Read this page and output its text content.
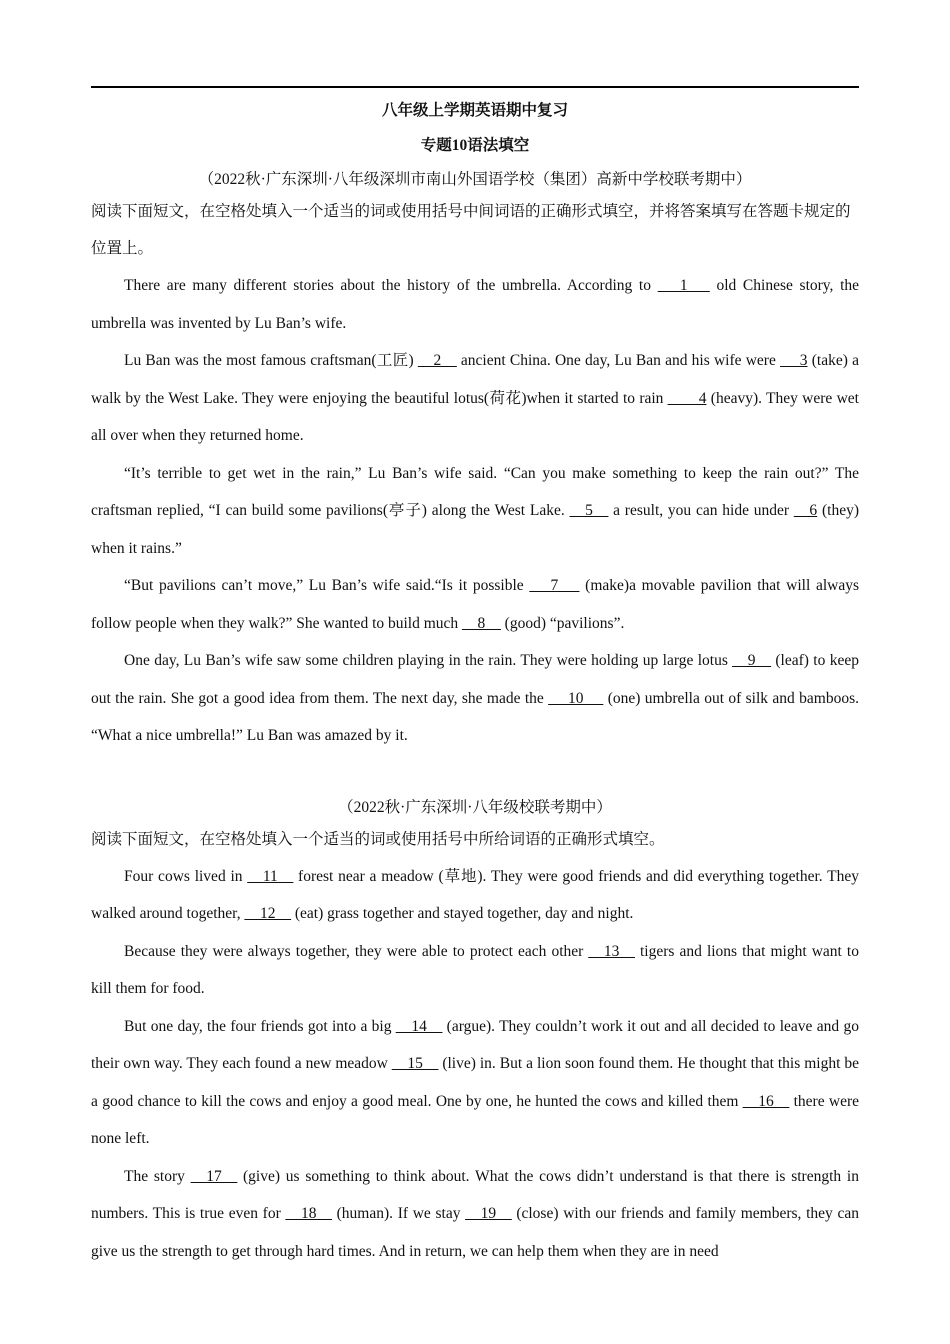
八年级上学期英语期中复习

专题10语法填空

（2022秋·广东深圳·八年级深圳市南山外国语学校（集团）高新中学校联考期中）

阅读下面短文，在空格处填入一个适当的词或使用括号中间词语的正确形式填空，并将答案填写在答题卡规定的位置上。

There are many different stories about the history of the umbrella. According to  __1__  old Chinese story, the umbrella was invented by Lu Ban’s wife.

Lu Ban was the most famous craftsman(工匠) __2__ ancient China. One day, Lu Ban and his wife were  __3 (take) a walk by the West Lake. They were enjoying the beautiful lotus(荷花)when it started to rain ____4 (heavy). They were wet all over when they returned home.

“It’s terrible to get wet in the rain,” Lu Ban’s wife said. “Can you make something to keep the rain out?” The craftsman replied, “I can build some pavilions(亭子) along the West Lake. __5__ a result, you can hide under __6 (they) when it rains.”

“But pavilions can’t move,” Lu Ban’s wife said.“Is it possible  __7__  (make)a movable pavilion that will always follow people when they walk?” She wanted to build much __8__ (good) “pavilions”.

One day, Lu Ban’s wife saw some children playing in the rain. They were holding up large lotus __9__ (leaf) to keep out the rain. She got a good idea from them. The next day, she made the  __10__  (one) umbrella out of silk and bamboos. “What a nice umbrella!” Lu Ban was amazed by it.

（2022秋·广东深圳·八年级校联考期中）

阅读下面短文，在空格处填入一个适当的词或使用括号中所给词语的正确形式填空。

Four cows lived in __11__ forest near a meadow (草地). They were good friends and did everything together. They walked around together, __12__ (eat) grass together and stayed together, day and night.

Because they were always together, they were able to protect each other __13__ tigers and lions that might want to kill them for food.

But one day, the four friends got into a big __14__ (argue). They couldn’t work it out and all decided to leave and go their own way. They each found a new meadow __15__ (live) in. But a lion soon found them. He thought that this might be a good chance to kill the cows and enjoy a good meal. One by one, he hunted the cows and killed them __16__ there were none left.

The story __17__ (give) us something to think about. What the cows didn’t understand is that there is strength in numbers. This is true even for __18__ (human). If we stay __19__ (close) with our friends and family members, they can give us the strength to get through hard times. And in return, we can help them when they are in need
